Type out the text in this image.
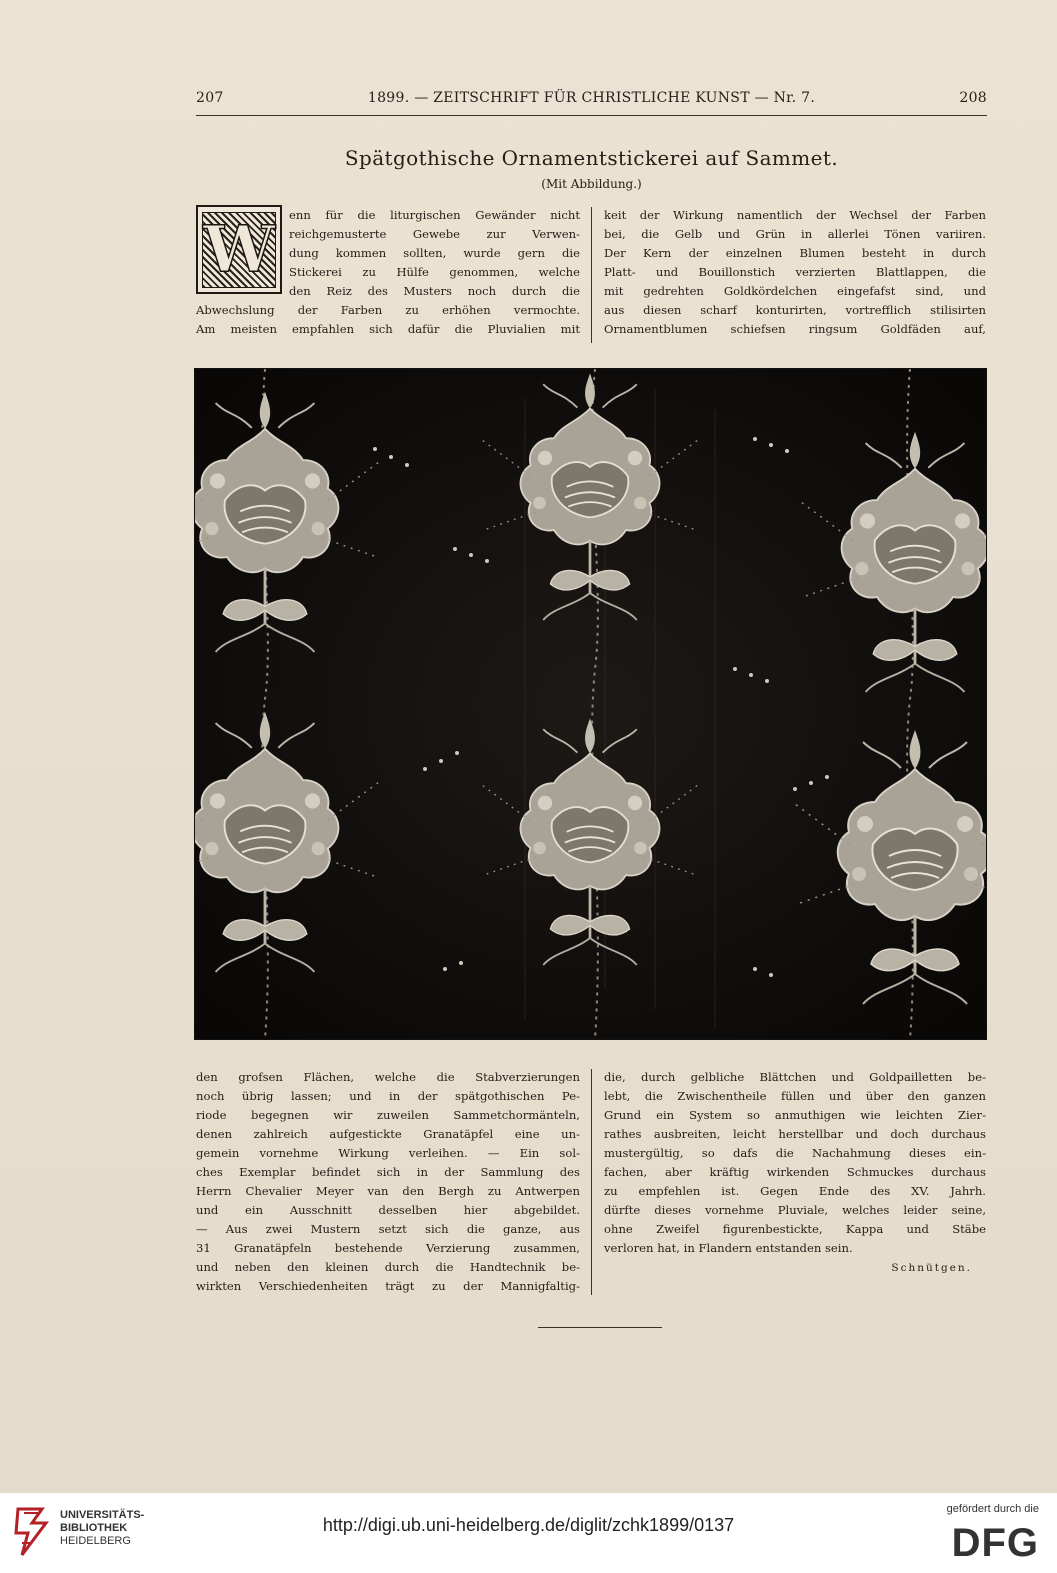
207	1899. — ZEITSCHRIFT FÜR CHRISTLICHE KUNST — Nr. 7.	208
Spätgothische Ornamentstickerei auf Sammet.
(Mit Abbildung.)
W enn für die liturgischen Gewänder nicht

reichgemusterte Gewebe zur Verwen-

dung kommen sollten, wurde gern die

Stickerei zu Hülfe genommen, welche

den Reiz des Musters noch durch die

Abwechslung der Farben zu erhöhen vermochte.

Am meisten empfahlen sich dafür die Pluvialien mit

keit der Wirkung namentlich der Wechsel der Farben

bei, die Gelb und Grün in allerlei Tönen variiren.

Der Kern der einzelnen Blumen besteht in durch

Platt- und Bouillonstich verzierten Blattlappen, die

mit gedrehten Goldkördelchen eingefafst sind, und

aus diesen scharf konturirten, vortrefflich stilisirten

Ornamentblumen schiefsen ringsum Goldfäden auf,

den grofsen Flächen, welche die Stabverzierungen

noch übrig lassen; und in der spätgothischen Pe-

riode begegnen wir zuweilen Sammetchormänteln,

denen zahlreich aufgestickte Granatäpfel eine un-

gemein vornehme Wirkung verleihen. — Ein sol-

ches Exemplar befindet sich in der Sammlung des

Herrn Chevalier Meyer van den Bergh zu Antwerpen

und ein Ausschnitt desselben hier abgebildet.

— Aus zwei Mustern setzt sich die ganze, aus

31 Granatäpfeln bestehende Verzierung zusammen,

und neben den kleinen durch die Handtechnik be-

wirkten Verschiedenheiten trägt zu der Mannigfaltig-

die, durch gelbliche Blättchen und Goldpailletten be-

lebt, die Zwischentheile füllen und über den ganzen

Grund ein System so anmuthigen wie leichten Zier-

rathes ausbreiten, leicht herstellbar und doch durchaus

mustergültig, so dafs die Nachahmung dieses ein-

fachen, aber kräftig wirkenden Schmuckes durchaus

zu empfehlen ist. Gegen Ende des XV. Jahrh.

dürfte dieses vornehme Pluviale, welches leider seine,

ohne Zweifel figurenbestickte, Kappa und Stäbe

verloren hat, in Flandern entstanden sein.

Schnütgen.
UNIVERSITÄTS-
BIBLIOTHEK
HEIDELBERG
http://digi.ub.uni-heidelberg.de/diglit/zchk1899/0137
gefördert durch die
DFG
